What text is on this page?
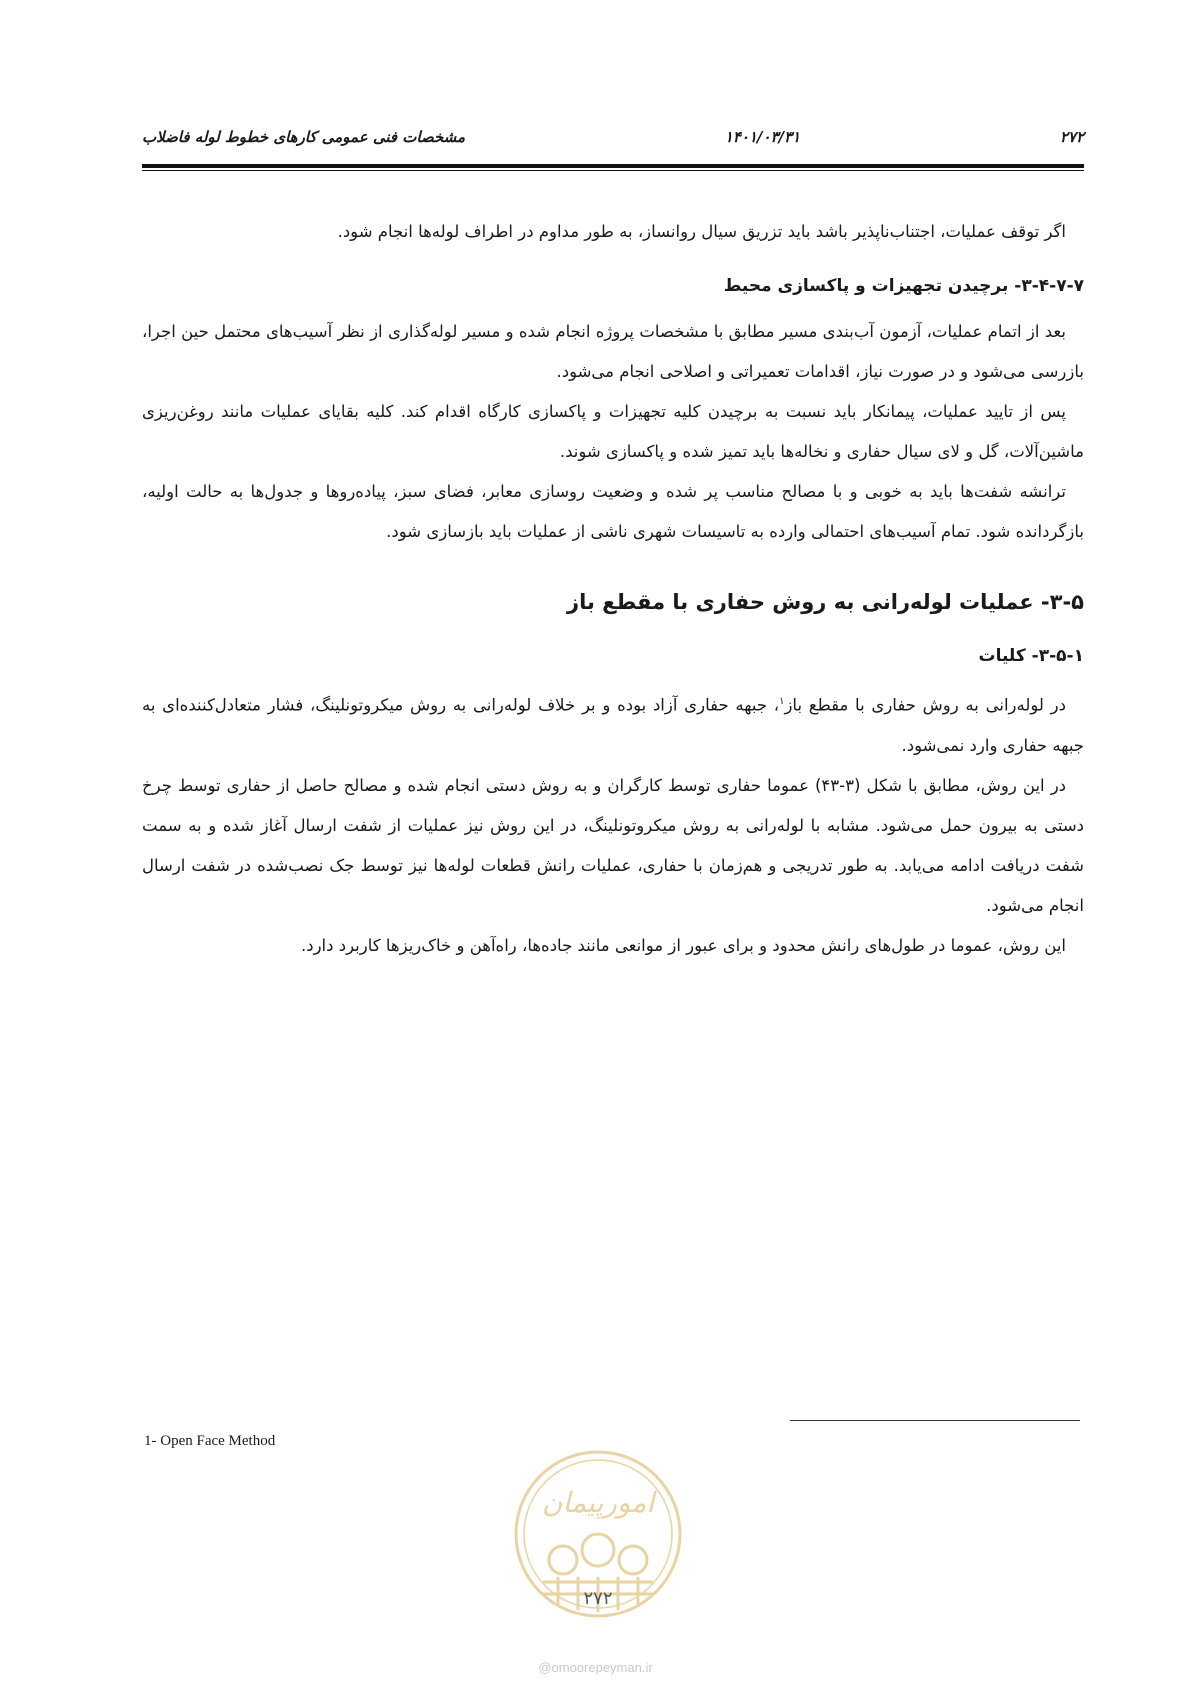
۲۷۲
۱۴۰۱/۰۳/۳۱
مشخصات فنی عمومی کارهای خطوط لوله فاضلاب

اگر توقف عملیات، اجتناب‌ناپذیر باشد باید تزریق سیال روانساز، به طور مداوم در اطراف لوله‌ها انجام شود.

۳-۴-۷-۷- برچیدن تجهیزات و پاکسازی محیط

بعد از اتمام عملیات، آزمون آب‌بندی مسیر مطابق با مشخصات پروژه انجام شده و مسیر لوله‌گذاری از نظر آسیب‌های محتمل حین اجرا، بازرسی می‌شود و در صورت نیاز، اقدامات تعمیراتی و اصلاحی انجام می‌شود.

پس از تایید عملیات، پیمانکار باید نسبت به برچیدن کلیه تجهیزات و پاکسازی کارگاه اقدام کند. کلیه بقایای عملیات مانند روغن‌ریزی ماشین‌آلات، گل و لای سیال حفاری و نخاله‌ها باید تمیز شده و پاکسازی شوند.

ترانشه شفت‌ها باید به خوبی و با مصالح مناسب پر شده و وضعیت روسازی معابر، فضای سبز، پیاده‌روها و جدول‌ها به حالت اولیه، بازگردانده شود. تمام آسیب‌های احتمالی وارده به تاسیسات شهری ناشی از عملیات باید بازسازی شود.

۳-۵- عملیات لوله‌رانی به روش حفاری با مقطع باز
۳-۵-۱- کلیات

در لوله‌رانی به روش حفاری با مقطع باز$^۱$، جبهه حفاری آزاد بوده و بر خلاف لوله‌رانی به روش میکروتونلینگ، فشار متعادل‌کننده‌ای به جبهه حفاری وارد نمی‌شود.

در این روش، مطابق با شکل (۳-۴۳) عموما حفاری توسط کارگران و به روش دستی انجام شده و مصالح حاصل از حفاری توسط چرخ دستی به بیرون حمل می‌شود. مشابه با لوله‌رانی به روش میکروتونلینگ، در این روش نیز عملیات از شفت ارسال آغاز شده و به سمت شفت دریافت ادامه می‌یابد. به طور تدریجی و هم‌زمان با حفاری، عملیات رانش قطعات لوله‌ها نیز توسط جک نصب‌شده در شفت ارسال انجام می‌شود.

این روش، عموما در طول‌های رانش محدود و برای عبور از موانعی مانند جاده‌ها، راه‌آهن و خاک‌ریزها کاربرد دارد.

1- Open Face Method
امورپیمان
۲۷۲
@omoorepeyman.ir
